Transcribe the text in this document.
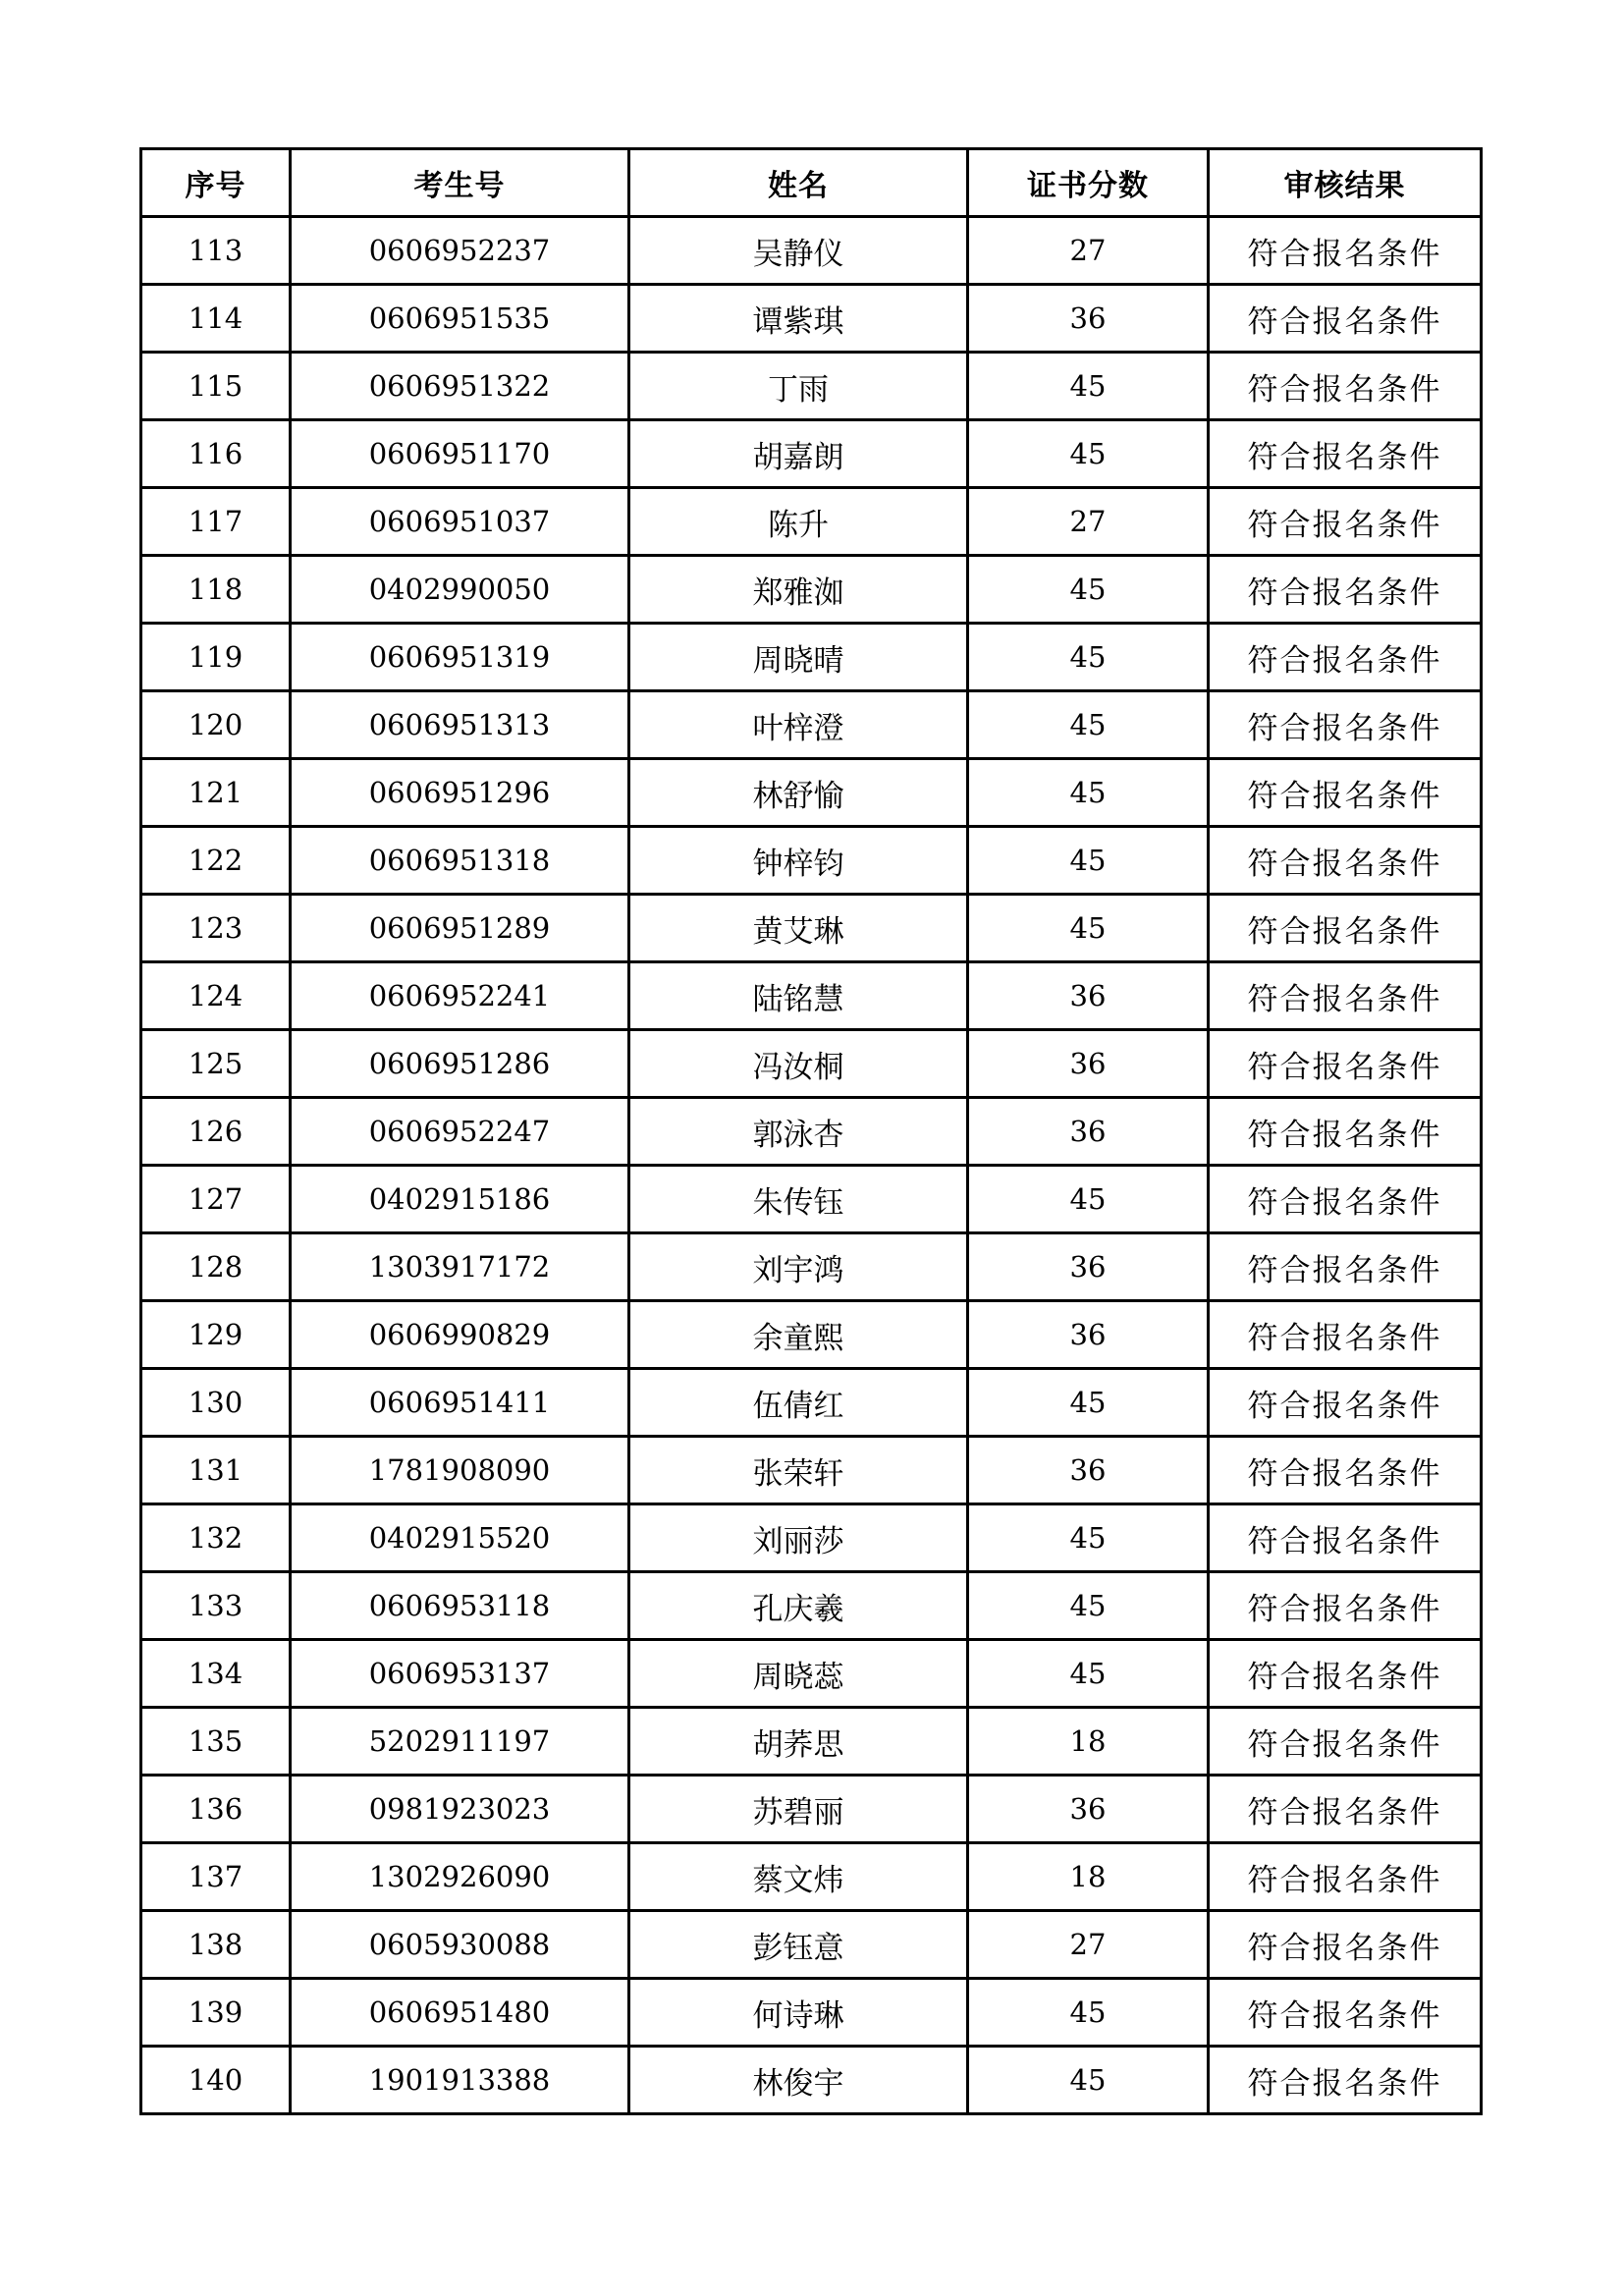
序号	考生号	姓名	证书分数	审核结果
113	0606952237	吴静仪	27	符合报名条件
114	0606951535	谭紫琪	36	符合报名条件
115	0606951322	丁雨	45	符合报名条件
116	0606951170	胡嘉朗	45	符合报名条件
117	0606951037	陈升	27	符合报名条件
118	0402990050	郑雅洳	45	符合报名条件
119	0606951319	周晓晴	45	符合报名条件
120	0606951313	叶梓澄	45	符合报名条件
121	0606951296	林舒愉	45	符合报名条件
122	0606951318	钟梓钧	45	符合报名条件
123	0606951289	黄艾琳	45	符合报名条件
124	0606952241	陆铭慧	36	符合报名条件
125	0606951286	冯汝桐	36	符合报名条件
126	0606952247	郭泳杏	36	符合报名条件
127	0402915186	朱传钰	45	符合报名条件
128	1303917172	刘宇鸿	36	符合报名条件
129	0606990829	余童熙	36	符合报名条件
130	0606951411	伍倩红	45	符合报名条件
131	1781908090	张荣轩	36	符合报名条件
132	0402915520	刘丽莎	45	符合报名条件
133	0606953118	孔庆羲	45	符合报名条件
134	0606953137	周晓蕊	45	符合报名条件
135	5202911197	胡荞思	18	符合报名条件
136	0981923023	苏碧丽	36	符合报名条件
137	1302926090	蔡文炜	18	符合报名条件
138	0605930088	彭钰意	27	符合报名条件
139	0606951480	何诗琳	45	符合报名条件
140	1901913388	林俊宇	45	符合报名条件
